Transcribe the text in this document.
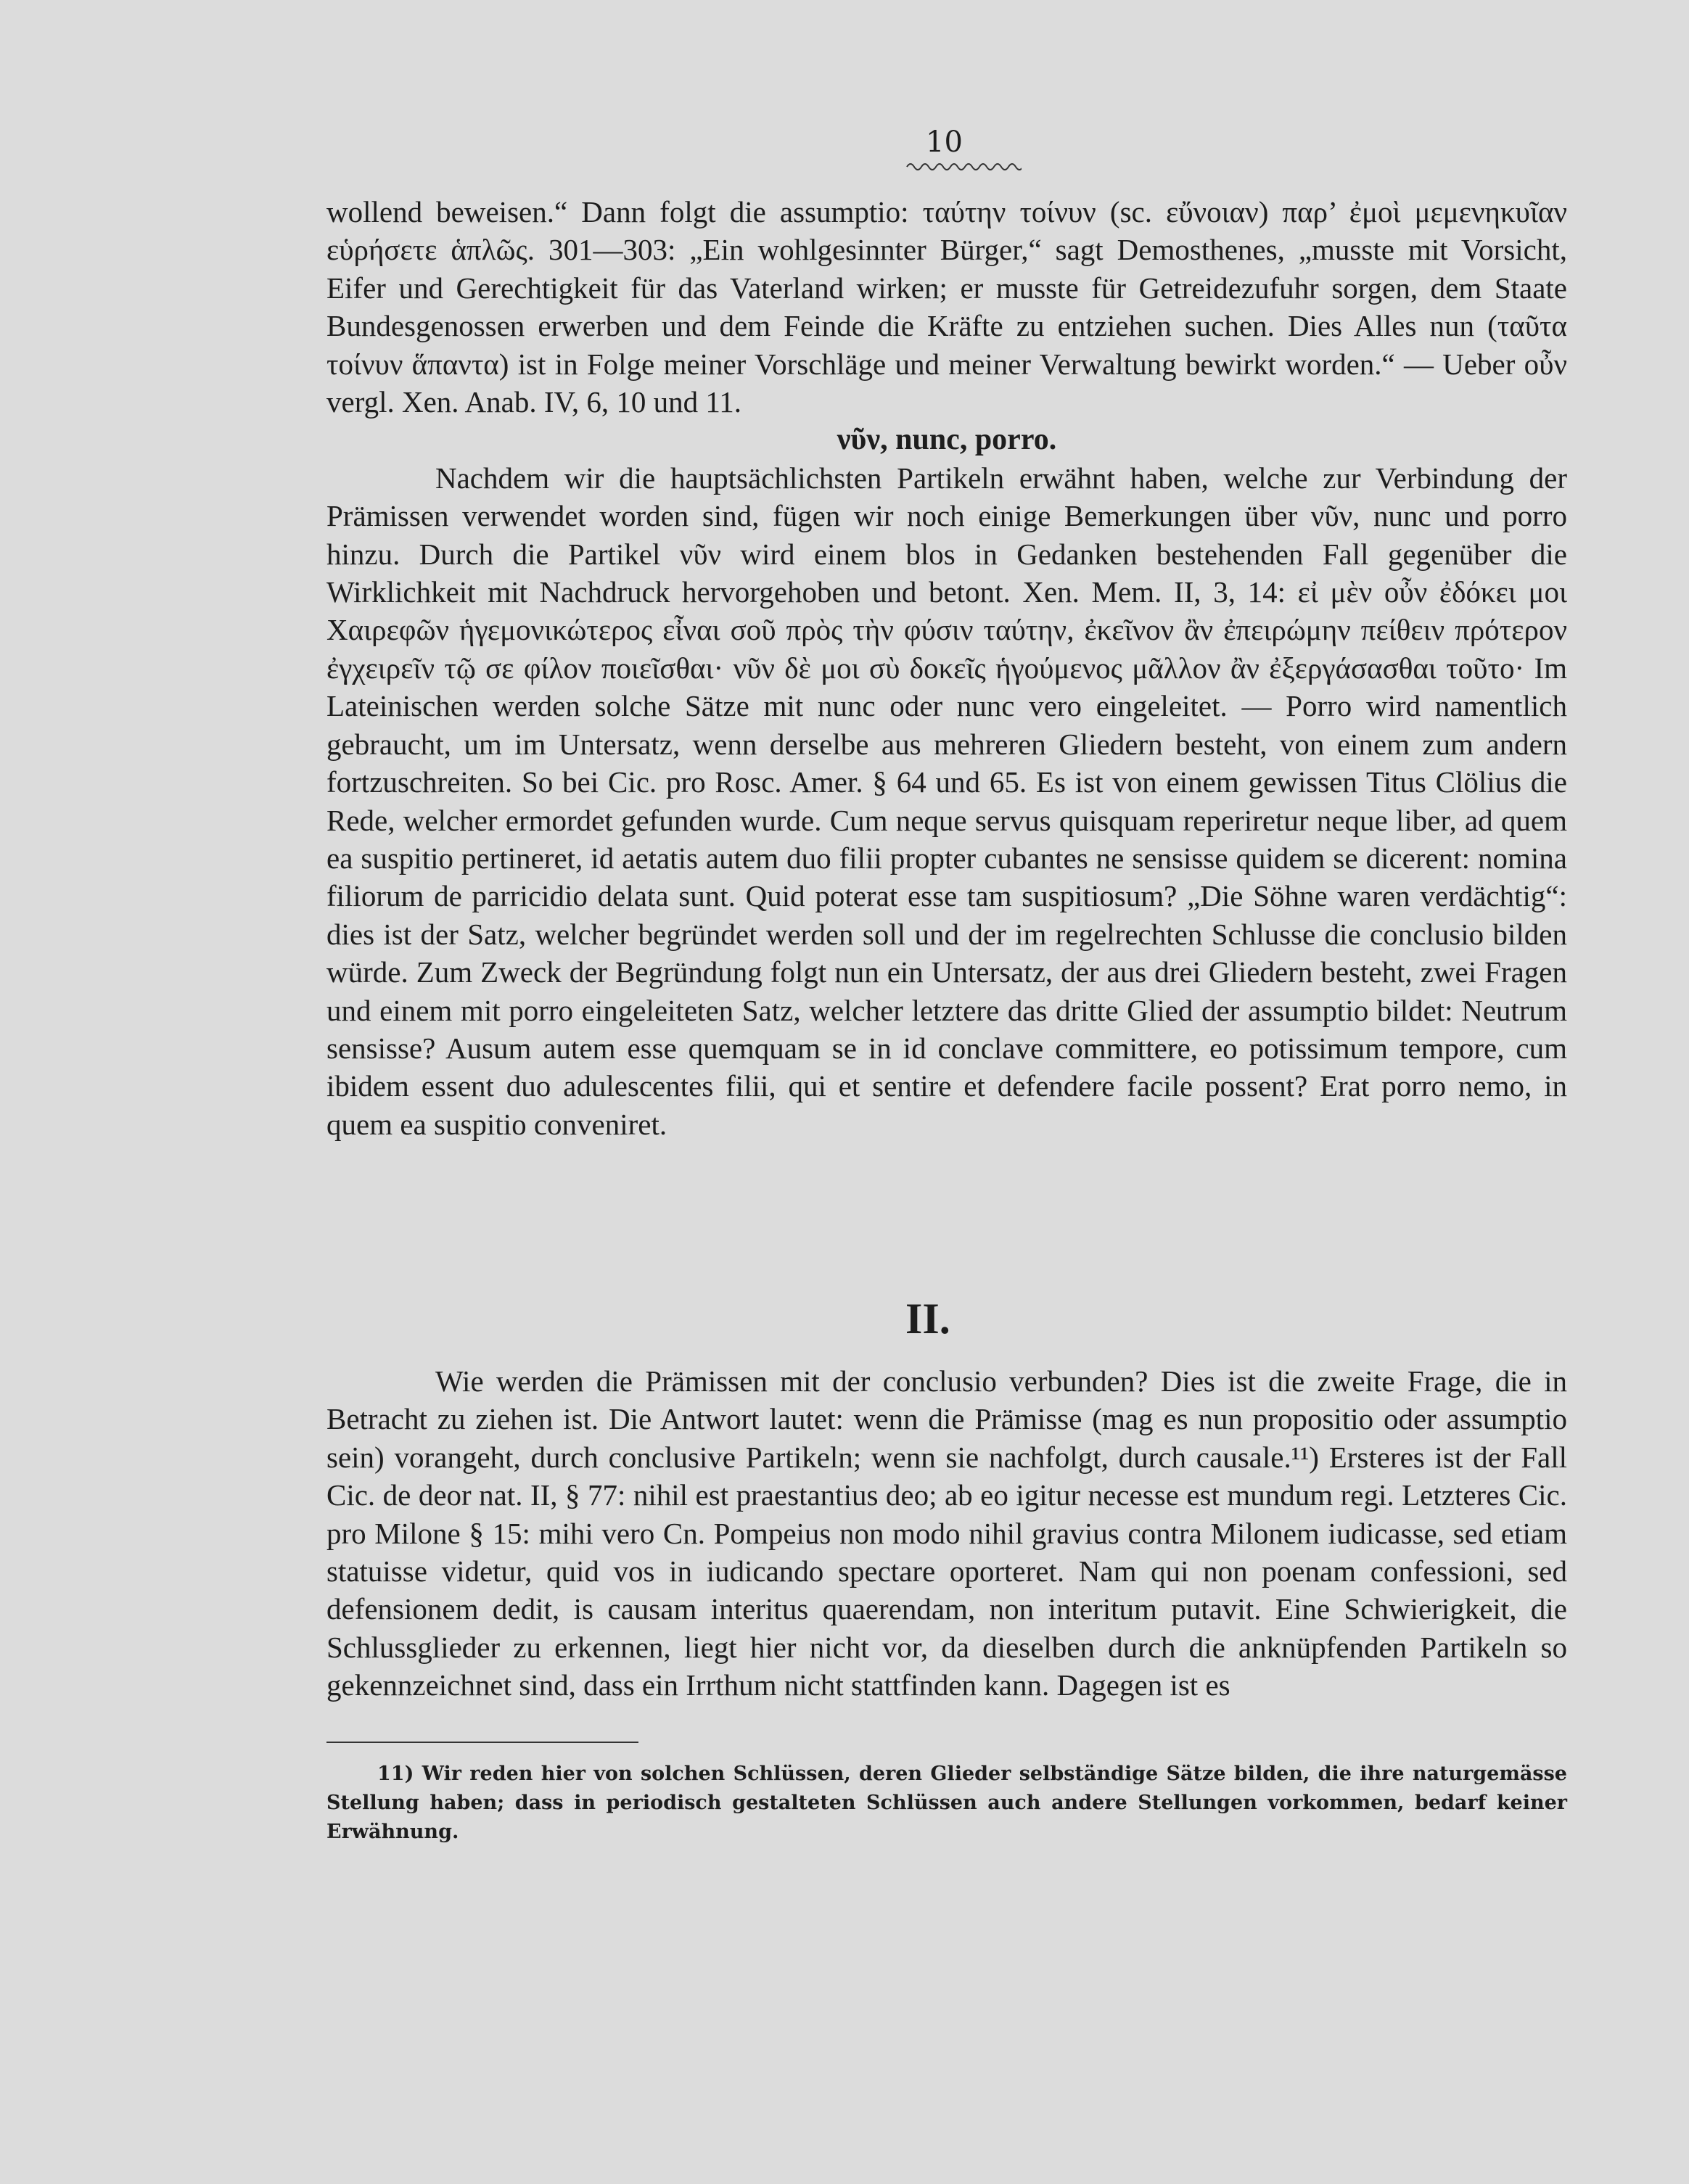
10

wollend beweisen.“ Dann folgt die assumptio: ταύτην τοίνυν (sc. εὔνοιαν) παρ’ ἐμοὶ μεμενηκυῖαν εὑρήσετε ἁπλῶς. 301—303: „Ein wohlgesinnter Bürger,“ sagt Demosthenes, „musste mit Vorsicht, Eifer und Gerechtigkeit für das Vaterland wirken; er musste für Getreidezufuhr sorgen, dem Staate Bundesgenossen erwerben und dem Feinde die Kräfte zu entziehen suchen. Dies Alles nun (ταῦτα τοίνυν ἅπαντα) ist in Folge meiner Vorschläge und meiner Verwaltung bewirkt worden.“ — Ueber οὖν vergl. Xen. Anab. IV, 6, 10 und 11.

νῦν, nunc, porro.

Nachdem wir die hauptsächlichsten Partikeln erwähnt haben, welche zur Verbindung der Prämissen verwendet worden sind, fügen wir noch einige Bemerkungen über νῦν, nunc und porro hinzu. Durch die Partikel νῦν wird einem blos in Gedanken bestehenden Fall gegenüber die Wirklichkeit mit Nachdruck hervorgehoben und betont. Xen. Mem. II, 3, 14: εἰ μὲν οὖν ἐδόκει μοι Χαιρεφῶν ἡγεμονικώτερος εἶναι σοῦ πρὸς τὴν φύσιν ταύτην, ἐκεῖνον ἂν ἐπειρώμην πείθειν πρότερον ἐγχειρεῖν τῷ σε φίλον ποιεῖσθαι· νῦν δὲ μοι σὺ δοκεῖς ἡγούμενος μᾶλλον ἂν ἐξεργάσασθαι τοῦτο· Im Lateinischen werden solche Sätze mit nunc oder nunc vero eingeleitet. — Porro wird namentlich gebraucht, um im Untersatz, wenn derselbe aus mehreren Gliedern besteht, von einem zum andern fortzuschreiten. So bei Cic. pro Rosc. Amer. § 64 und 65. Es ist von einem gewissen Titus Clölius die Rede, welcher ermordet gefunden wurde. Cum neque servus quisquam reperiretur neque liber, ad quem ea suspitio pertineret, id aetatis autem duo filii propter cubantes ne sensisse quidem se dicerent: nomina filiorum de parricidio delata sunt. Quid poterat esse tam suspitiosum? „Die Söhne waren verdächtig“: dies ist der Satz, welcher begründet werden soll und der im regelrechten Schlusse die conclusio bilden würde. Zum Zweck der Begründung folgt nun ein Untersatz, der aus drei Gliedern besteht, zwei Fragen und einem mit porro eingeleiteten Satz, welcher letztere das dritte Glied der assumptio bildet: Neutrum sensisse? Ausum autem esse quemquam se in id conclave committere, eo potissimum tempore, cum ibidem essent duo adulescentes filii, qui et sentire et defendere facile possent? Erat porro nemo, in quem ea suspitio conveniret.

II.

Wie werden die Prämissen mit der conclusio verbunden? Dies ist die zweite Frage, die in Betracht zu ziehen ist. Die Antwort lautet: wenn die Prämisse (mag es nun propositio oder assumptio sein) vorangeht, durch conclusive Partikeln; wenn sie nachfolgt, durch causale.¹¹) Ersteres ist der Fall Cic. de deor nat. II, § 77: nihil est praestantius deo; ab eo igitur necesse est mundum regi. Letzteres Cic. pro Milone § 15: mihi vero Cn. Pompeius non modo nihil gravius contra Milonem iudicasse, sed etiam statuisse videtur, quid vos in iudicando spectare oporteret. Nam qui non poenam confessioni, sed defensionem dedit, is causam interitus quaerendam, non interitum putavit. Eine Schwierigkeit, die Schlussglieder zu erkennen, liegt hier nicht vor, da dieselben durch die anknüpfenden Partikeln so gekennzeichnet sind, dass ein Irrthum nicht stattfinden kann. Dagegen ist es

11) Wir reden hier von solchen Schlüssen, deren Glieder selbständige Sätze bilden, die ihre naturgemässe Stellung haben; dass in periodisch gestalteten Schlüssen auch andere Stellungen vorkommen, bedarf keiner Erwähnung.
